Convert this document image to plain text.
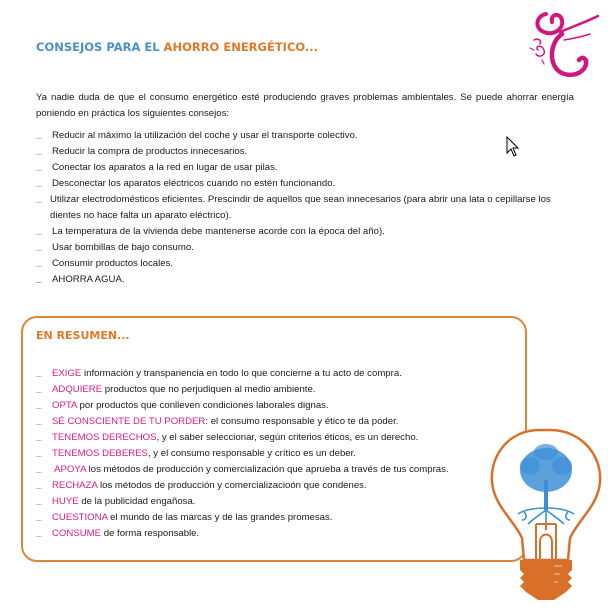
CONSEJOS PARA EL AHORRO ENERGÉTICO...
Ya nadie duda de que el consumo energético esté produciendo graves problemas ambientales. Se puede ahorrar energía poniendo en práctica los siguientes consejos:
_ Reducir al máximo la utilización del coche y usar el transporte colectivo.
_ Reducir la compra de productos innecesarios.
_ Conectar los aparatos a la red en lugar de usar pilas.
_ Desconectar los aparatos eléctricos cuando no estén funcionando.
_ Utilizar electrodomésticos eficientes. Prescindir de aquellos que sean innecesarios (para abrir una lata o cepillarse los dientes no hace falta un aparato eléctrico).
_ La temperatura de la vivienda debe mantenerse acorde con la época del año).
_ Usar bombillas de bajo consumo.
_ Consumir productos locales.
_ AHORRA AGUA.
EN RESUMEN...
_ EXIGE información y transpariencia en todo lo que concierne a tu acto de compra.
_ ADQUIERE productos que no perjudiquen al medio ambiente.
_ OPTA por productos que conlleven condiciones laborales dignas.
_ SÉ CONSCIENTE DE TU PORDER: el consumo responsable y ético te da poder.
_ TENEMOS DERECHOS, y el saber seleccionar, según criterios éticos, es un derecho.
_ TENEMOS DEBERES, y el consumo responsable y crítico es un deber.
_ APOYA los métodos de producción y comercialización que aprueba a través de tus compras.
_ RECHAZA los métodos de producción y comercializacioón que condenes.
_ HUYE de la publicidad engañosa.
_ CUESTIONA el mundo de las marcas y de las grandes promesas.
_ CONSUME de forma responsable.
